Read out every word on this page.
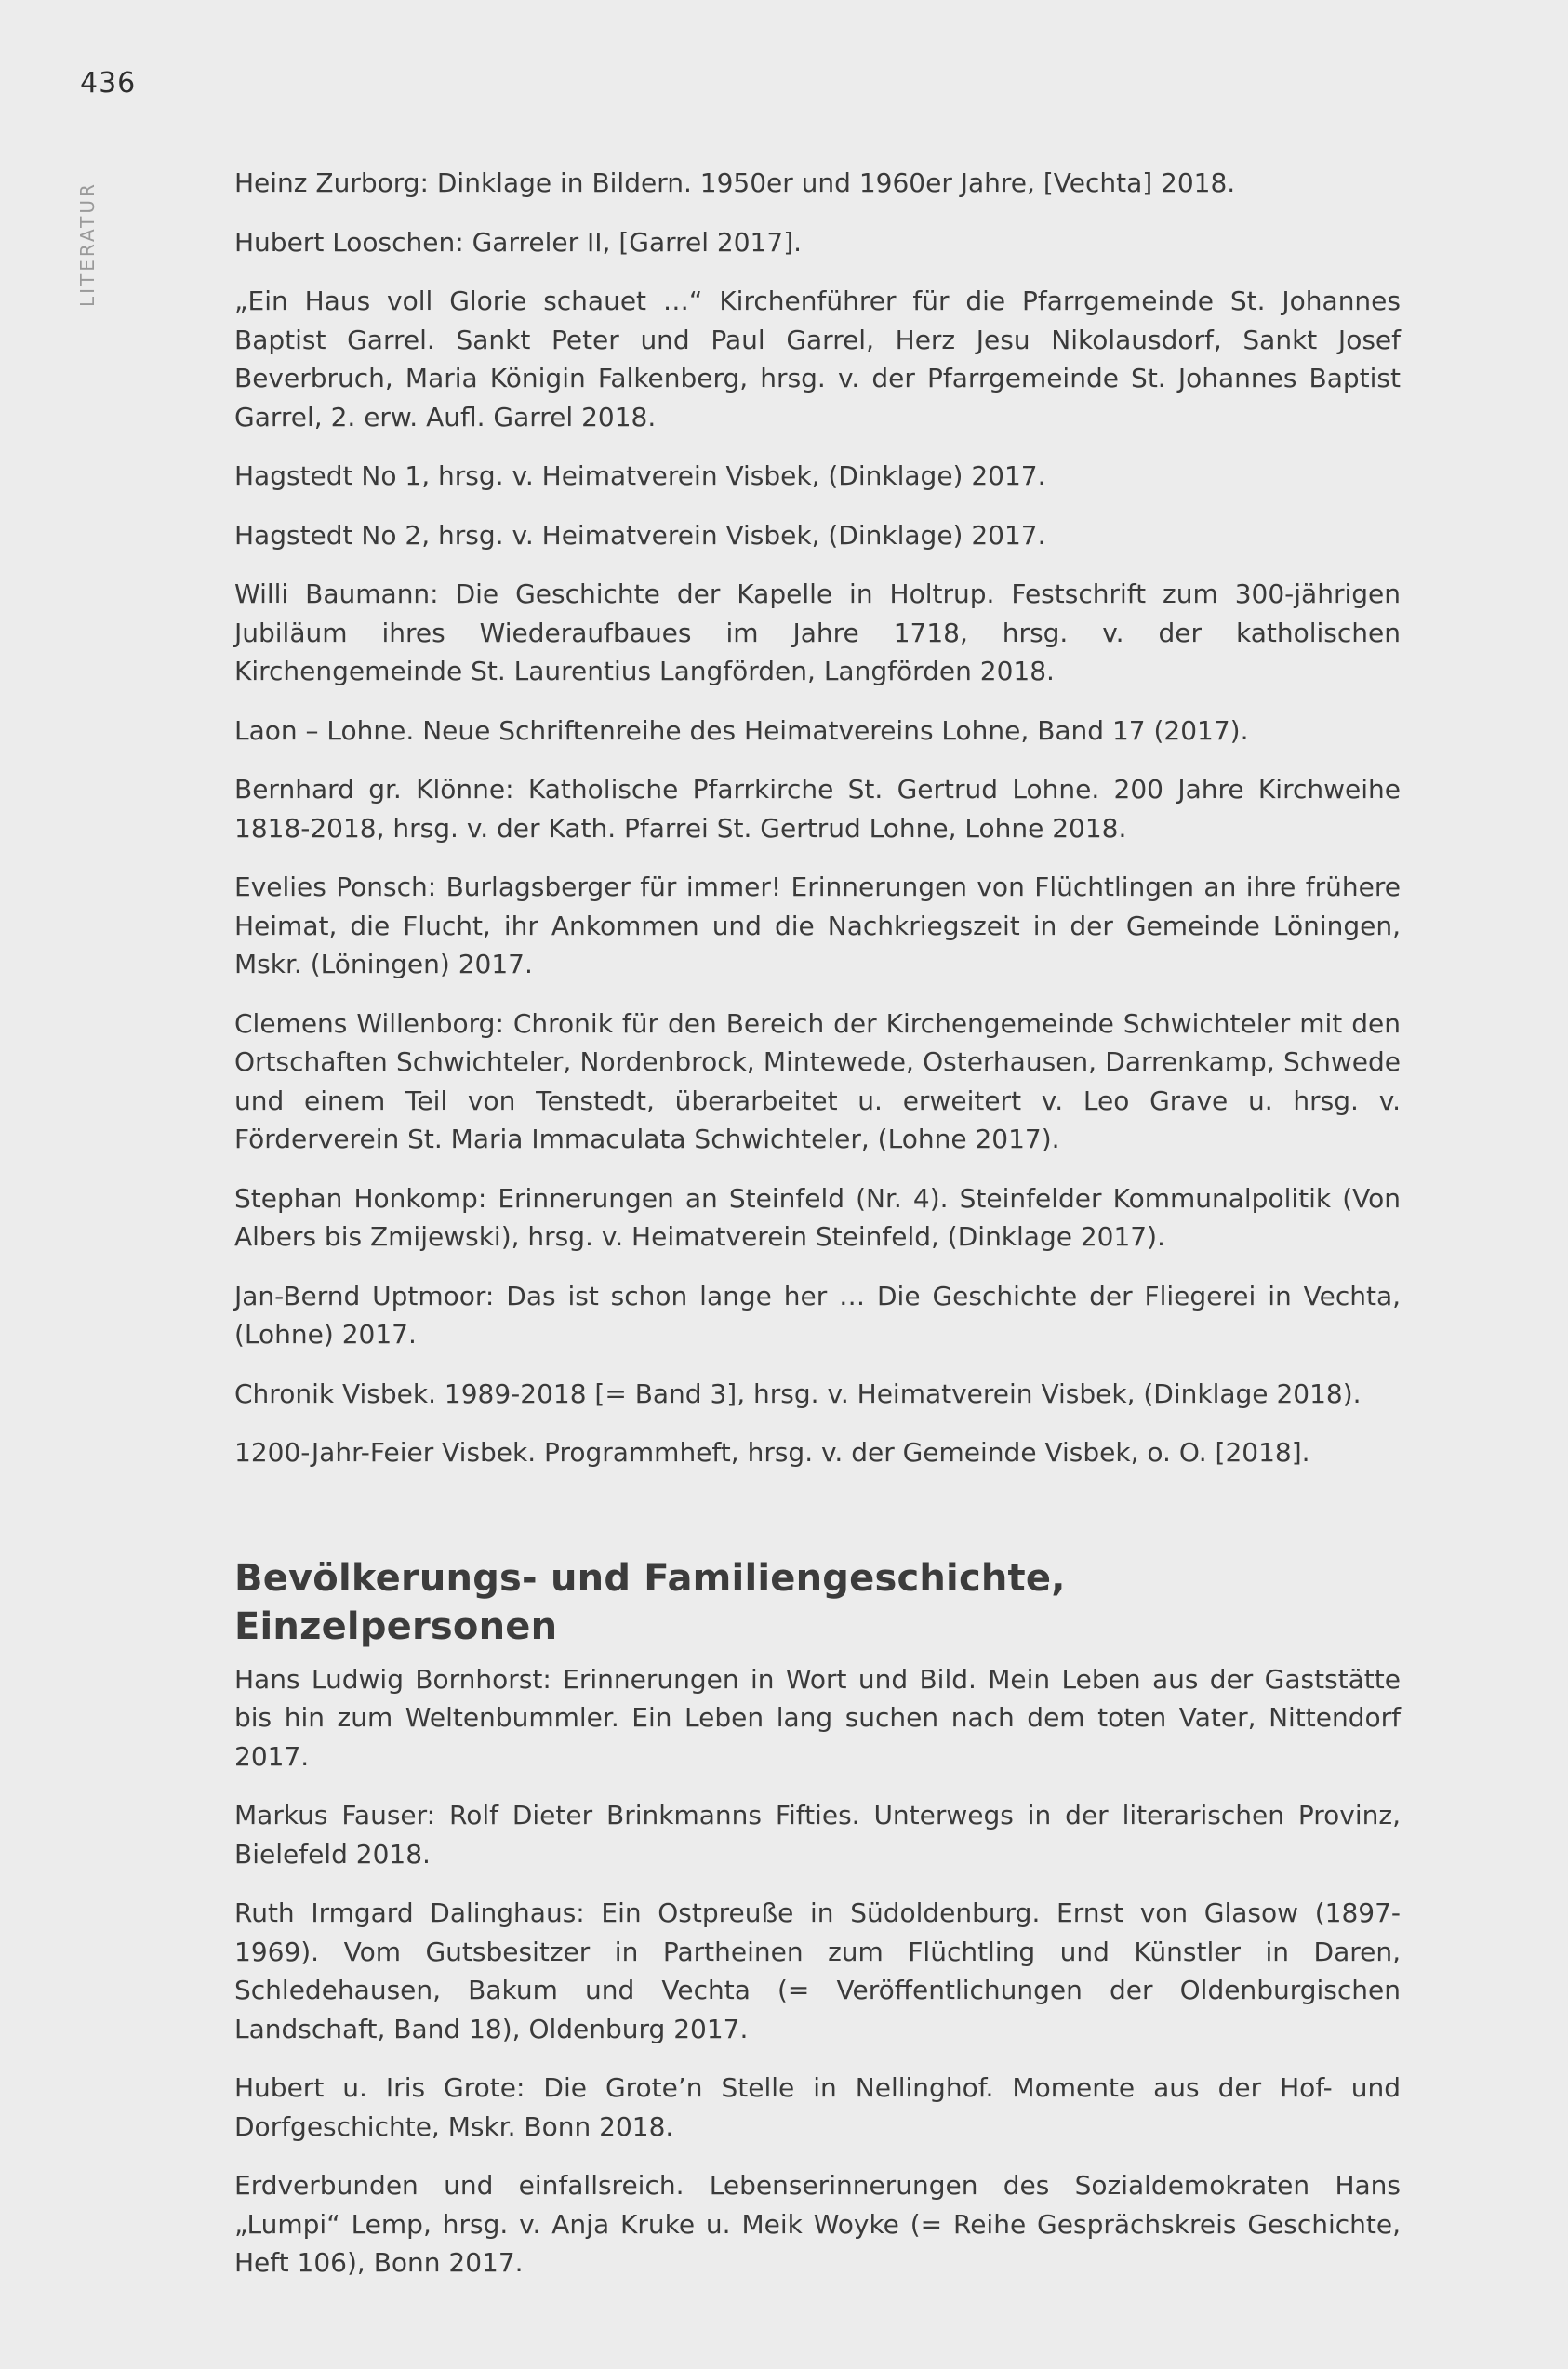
436
LITERATUR	Heinz Zurborg: Dinklage in Bildern. 1950er und 1960er Jahre, [Vechta] 2018.

Hubert Looschen: Garreler II, [Garrel 2017].

„Ein Haus voll Glorie schauet …“ Kirchenführer für die Pfarrgemeinde St. Johannes Baptist Garrel. Sankt Peter und Paul Garrel, Herz Jesu Nikolausdorf, Sankt Josef Beverbruch, Maria Königin Falkenberg, hrsg. v. der Pfarrgemeinde St. Johannes Baptist Garrel, 2. erw. Aufl. Garrel 2018.

Hagstedt No 1, hrsg. v. Heimatverein Visbek, (Dinklage) 2017.

Hagstedt No 2, hrsg. v. Heimatverein Visbek, (Dinklage) 2017.

Willi Baumann: Die Geschichte der Kapelle in Holtrup. Festschrift zum 300-jährigen Jubiläum ihres Wiederaufbaues im Jahre 1718, hrsg. v. der katholischen Kirchengemeinde St. Laurentius Langförden, Langförden 2018.

Laon – Lohne. Neue Schriftenreihe des Heimatvereins Lohne, Band 17 (2017).

Bernhard gr. Klönne: Katholische Pfarrkirche St. Gertrud Lohne. 200 Jahre Kirchweihe 1818-2018, hrsg. v. der Kath. Pfarrei St. Gertrud Lohne, Lohne 2018.

Evelies Ponsch: Burlagsberger für immer! Erinnerungen von Flüchtlingen an ihre frühere Heimat, die Flucht, ihr Ankommen und die Nachkriegszeit in der Gemeinde Löningen, Mskr. (Löningen) 2017.

Clemens Willenborg: Chronik für den Bereich der Kirchengemeinde Schwichteler mit den Ortschaften Schwichteler, Nordenbrock, Mintewede, Osterhausen, Darrenkamp, Schwede und einem Teil von Tenstedt, überarbeitet u. erweitert v. Leo Grave u. hrsg. v. Förderverein St. Maria Immaculata Schwichteler, (Lohne 2017).

Stephan Honkomp: Erinnerungen an Steinfeld (Nr. 4). Steinfelder Kommunalpolitik (Von Albers bis Zmijewski), hrsg. v. Heimatverein Steinfeld, (Dinklage 2017).

Jan-Bernd Uptmoor: Das ist schon lange her … Die Geschichte der Fliegerei in Vechta, (Lohne) 2017.

Chronik Visbek. 1989-2018 [= Band 3], hrsg. v. Heimatverein Visbek, (Dinklage 2018).

1200-Jahr-Feier Visbek. Programmheft, hrsg. v. der Gemeinde Visbek, o. O. [2018].

Bevölkerungs- und Familiengeschichte, Einzelpersonen

Hans Ludwig Bornhorst: Erinnerungen in Wort und Bild. Mein Leben aus der Gaststätte bis hin zum Weltenbummler. Ein Leben lang suchen nach dem toten Vater, Nittendorf 2017.

Markus Fauser: Rolf Dieter Brinkmanns Fifties. Unterwegs in der literarischen Provinz, Bielefeld 2018.

Ruth Irmgard Dalinghaus: Ein Ostpreuße in Südoldenburg. Ernst von Glasow (1897-1969). Vom Gutsbesitzer in Partheinen zum Flüchtling und Künstler in Daren, Schledehausen, Bakum und Vechta (= Veröffentlichungen der Oldenburgischen Landschaft, Band 18), Oldenburg 2017.

Hubert u. Iris Grote: Die Grote’n Stelle in Nellinghof. Momente aus der Hof- und Dorfgeschichte, Mskr. Bonn 2018.

Erdverbunden und einfallsreich. Lebenserinnerungen des Sozialdemokraten Hans „Lumpi“ Lemp, hrsg. v. Anja Kruke u. Meik Woyke (= Reihe Gesprächskreis Geschichte, Heft 106), Bonn 2017.
